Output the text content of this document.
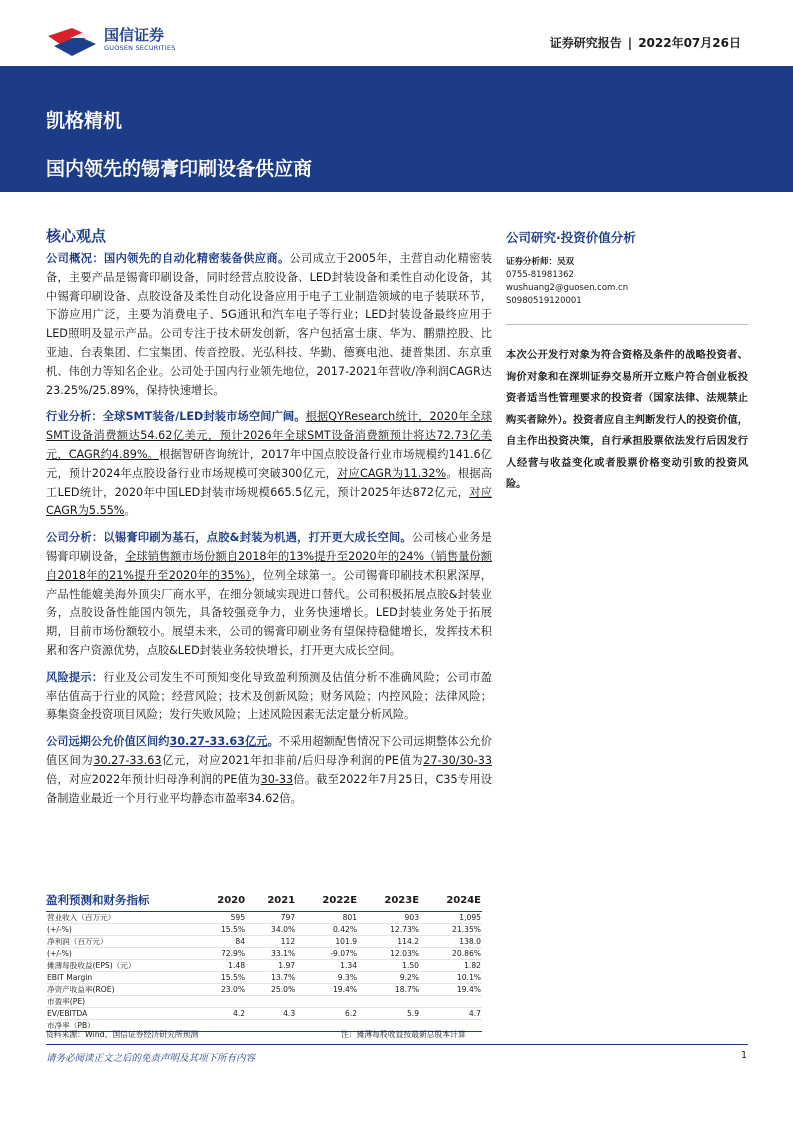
国信证券
GUOSEN SECURITIES	证券研究报告 | 2022年07月26日
凯格精机
国内领先的锡膏印刷设备供应商
核心观点

公司概况：国内领先的自动化精密装备供应商。公司成立于2005年，主营自动化精密装备，主要产品是锡膏印刷设备，同时经营点胶设备、LED封装设备和柔性自动化设备，其中锡膏印刷设备、点胶设备及柔性自动化设备应用于电子工业制造领域的电子装联环节，下游应用广泛，主要为消费电子、5G通讯和汽车电子等行业；LED封装设备最终应用于LED照明及显示产品。公司专注于技术研发创新，客户包括富士康、华为、鹏鼎控股、比亚迪、台表集团、仁宝集团、传音控股、光弘科技、华勤、德赛电池、捷普集团、东京重机、伟创力等知名企业。公司处于国内行业领先地位，2017-2021年营收/净利润CAGR达23.25%/25.89%，保持快速增长。

行业分析：全球SMT装备/LED封装市场空间广阔。根据QYResearch统计，2020年全球SMT设备消费额达54.62亿美元，预计2026年全球SMT设备消费额预计将达72.73亿美元，CAGR约4.89%。根据智研咨询统计，2017年中国点胶设备行业市场规模约141.6亿元，预计2024年点胶设备行业市场规模可突破300亿元，对应CAGR为11.32%。根据高工LED统计，2020年中国LED封装市场规模665.5亿元，预计2025年达872亿元，对应CAGR为5.55%。

公司分析：以锡膏印刷为基石，点胶&封装为机遇，打开更大成长空间。公司核心业务是锡膏印刷设备，全球销售额市场份额自2018年的13%提升至2020年的24%（销售量份额自2018年的21%提升至2020年的35%），位列全球第一。公司锡膏印刷技术积累深厚，产品性能媲美海外顶尖厂商水平，在细分领域实现进口替代。公司积极拓展点胶&封装业务，点胶设备性能国内领先，具备较强竞争力，业务快速增长。LED封装业务处于拓展期，目前市场份额较小。展望未来，公司的锡膏印刷业务有望保持稳健增长，发挥技术积累和客户资源优势，点胶&LED封装业务较快增长，打开更大成长空间。

风险提示：行业及公司发生不可预知变化导致盈利预测及估值分析不准确风险；公司市盈率估值高于行业的风险；经营风险；技术及创新风险；财务风险；内控风险；法律风险；募集资金投资项目风险；发行失败风险；上述风险因素无法定量分析风险。

公司远期公允价值区间约30.27-33.63亿元。不采用超额配售情况下公司远期整体公允价值区间为30.27-33.63亿元，对应2021年扣非前/后归母净利润的PE值为27-30/30-33倍，对应2022年预计归母净利润的PE值为30-33倍。截至2022年7月25日，C35专用设备制造业最近一个月行业平均静态市盈率34.62倍。

公司研究·投资价值分析
证券分析师：吴双
0755-81981362
wushuang2@guosen.com.cn
S0980519120001
本次公开发行对象为符合资格及条件的战略投资者、询价对象和在深圳证券交易所开立账户符合创业板投资者适当性管理要求的投资者（国家法律、法规禁止购买者除外）。投资者应自主判断发行人的投资价值，自主作出投资决策，自行承担股票依法发行后因发行人经营与收益变化或者股票价格变动引致的投资风险。
盈利预测和财务指标	2020	2021	2022E	2023E	2024E
营业收入（百万元）	595	797	801	903	1,095
(+/-%)	15.5%	34.0%	0.42%	12.73%	21.35%
净利润（百万元）	84	112	101.9	114.2	138.0
(+/-%)	72.9%	33.1%	-9.07%	12.03%	20.86%
摊薄每股收益(EPS)（元）	1.48	1.97	1.34	1.50	1.82
EBIT Margin	15.5%	13.7%	9.3%	9.2%	10.1%
净资产收益率(ROE)	23.0%	25.0%	19.4%	18.7%	19.4%
市盈率(PE)					
EV/EBITDA	4.2	4.3	6.2	5.9	4.7
市净率（PB）					
资料来源：Wind、国信证券经济研究所预测	注：摊薄每股收益按最新总股本计算
请务必阅读正文之后的免责声明及其项下所有内容	1
